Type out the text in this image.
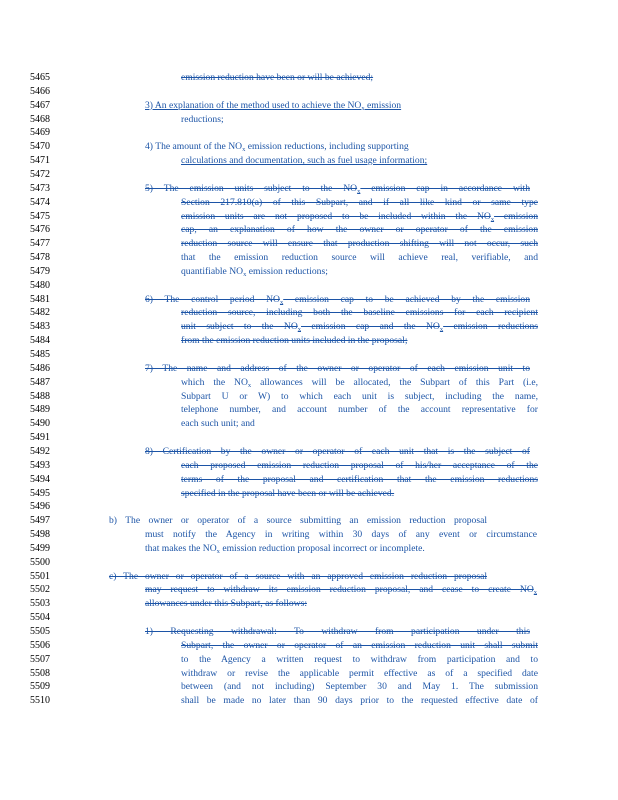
5465
5466
5467
5468
5469
5470
5471
5472
5473
5474
5475
5476
5477
5478
5479
5480
5481
5482
5483
5484
5485
5486
5487
5488
5489
5490
5491
5492
5493
5494
5495
5496
5497
5498
5499
5500
5501
5502
5503
5504
5505
5506
5507
5508
5509
5510
emission reduction have been or will be achieved;
3) An explanation of the method used to achieve the $NO_x$ emission
reductions;
4) The amount of the $NO_x$ emission reductions, including supporting
calculations and documentation, such as fuel usage information;
5) The emission units subject to the $NO_x$ emission cap in accordance with
Section 217.810(a) of this Subpart, and if all like kind or same type
emission units are not proposed to be included within the $NO_x$ emission
cap, an explanation of how the owner or operator of the emission
reduction source will ensure that production shifting will not occur, such
that the emission reduction source will achieve real, verifiable, and
quantifiable $NO_x$ emission reductions;
6) The control period $NO_x$ emission cap to be achieved by the emission
reduction source, including both the baseline emissions for each recipient
unit subject to the $NO_x$ emission cap and the $NO_x$ emission reductions
from the emission reduction units included in the proposal;
7) The name and address of the owner or operator of each emission unit to
which the $NO_x$ allowances will be allocated, the Subpart of this Part (i.e,
Subpart U or W) to which each unit is subject, including the name,
telephone number, and account number of the account representative for
each such unit; and
8) Certification by the owner or operator of each unit that is the subject of
each proposed emission reduction proposal of his/her acceptance of the
terms of the proposal and certification that the emission reductions
specified in the proposal have been or will be achieved.
b) The owner or operator of a source submitting an emission reduction proposal
must notify the Agency in writing within 30 days of any event or circumstance
that makes the $NO_x$ emission reduction proposal incorrect or incomplete.
c) The owner or operator of a source with an approved emission reduction proposal
may request to withdraw its emission reduction proposal, and cease to create $NO_x$
allowances under this Subpart, as follows:
1) Requesting withdrawal: To withdraw from participation under this
Subpart, the owner or operator of an emission reduction unit shall submit
to the Agency a written request to withdraw from participation and to
withdraw or revise the applicable permit effective as of a specified date
between (and not including) September 30 and May 1. The submission
shall be made no later than 90 days prior to the requested effective date of
